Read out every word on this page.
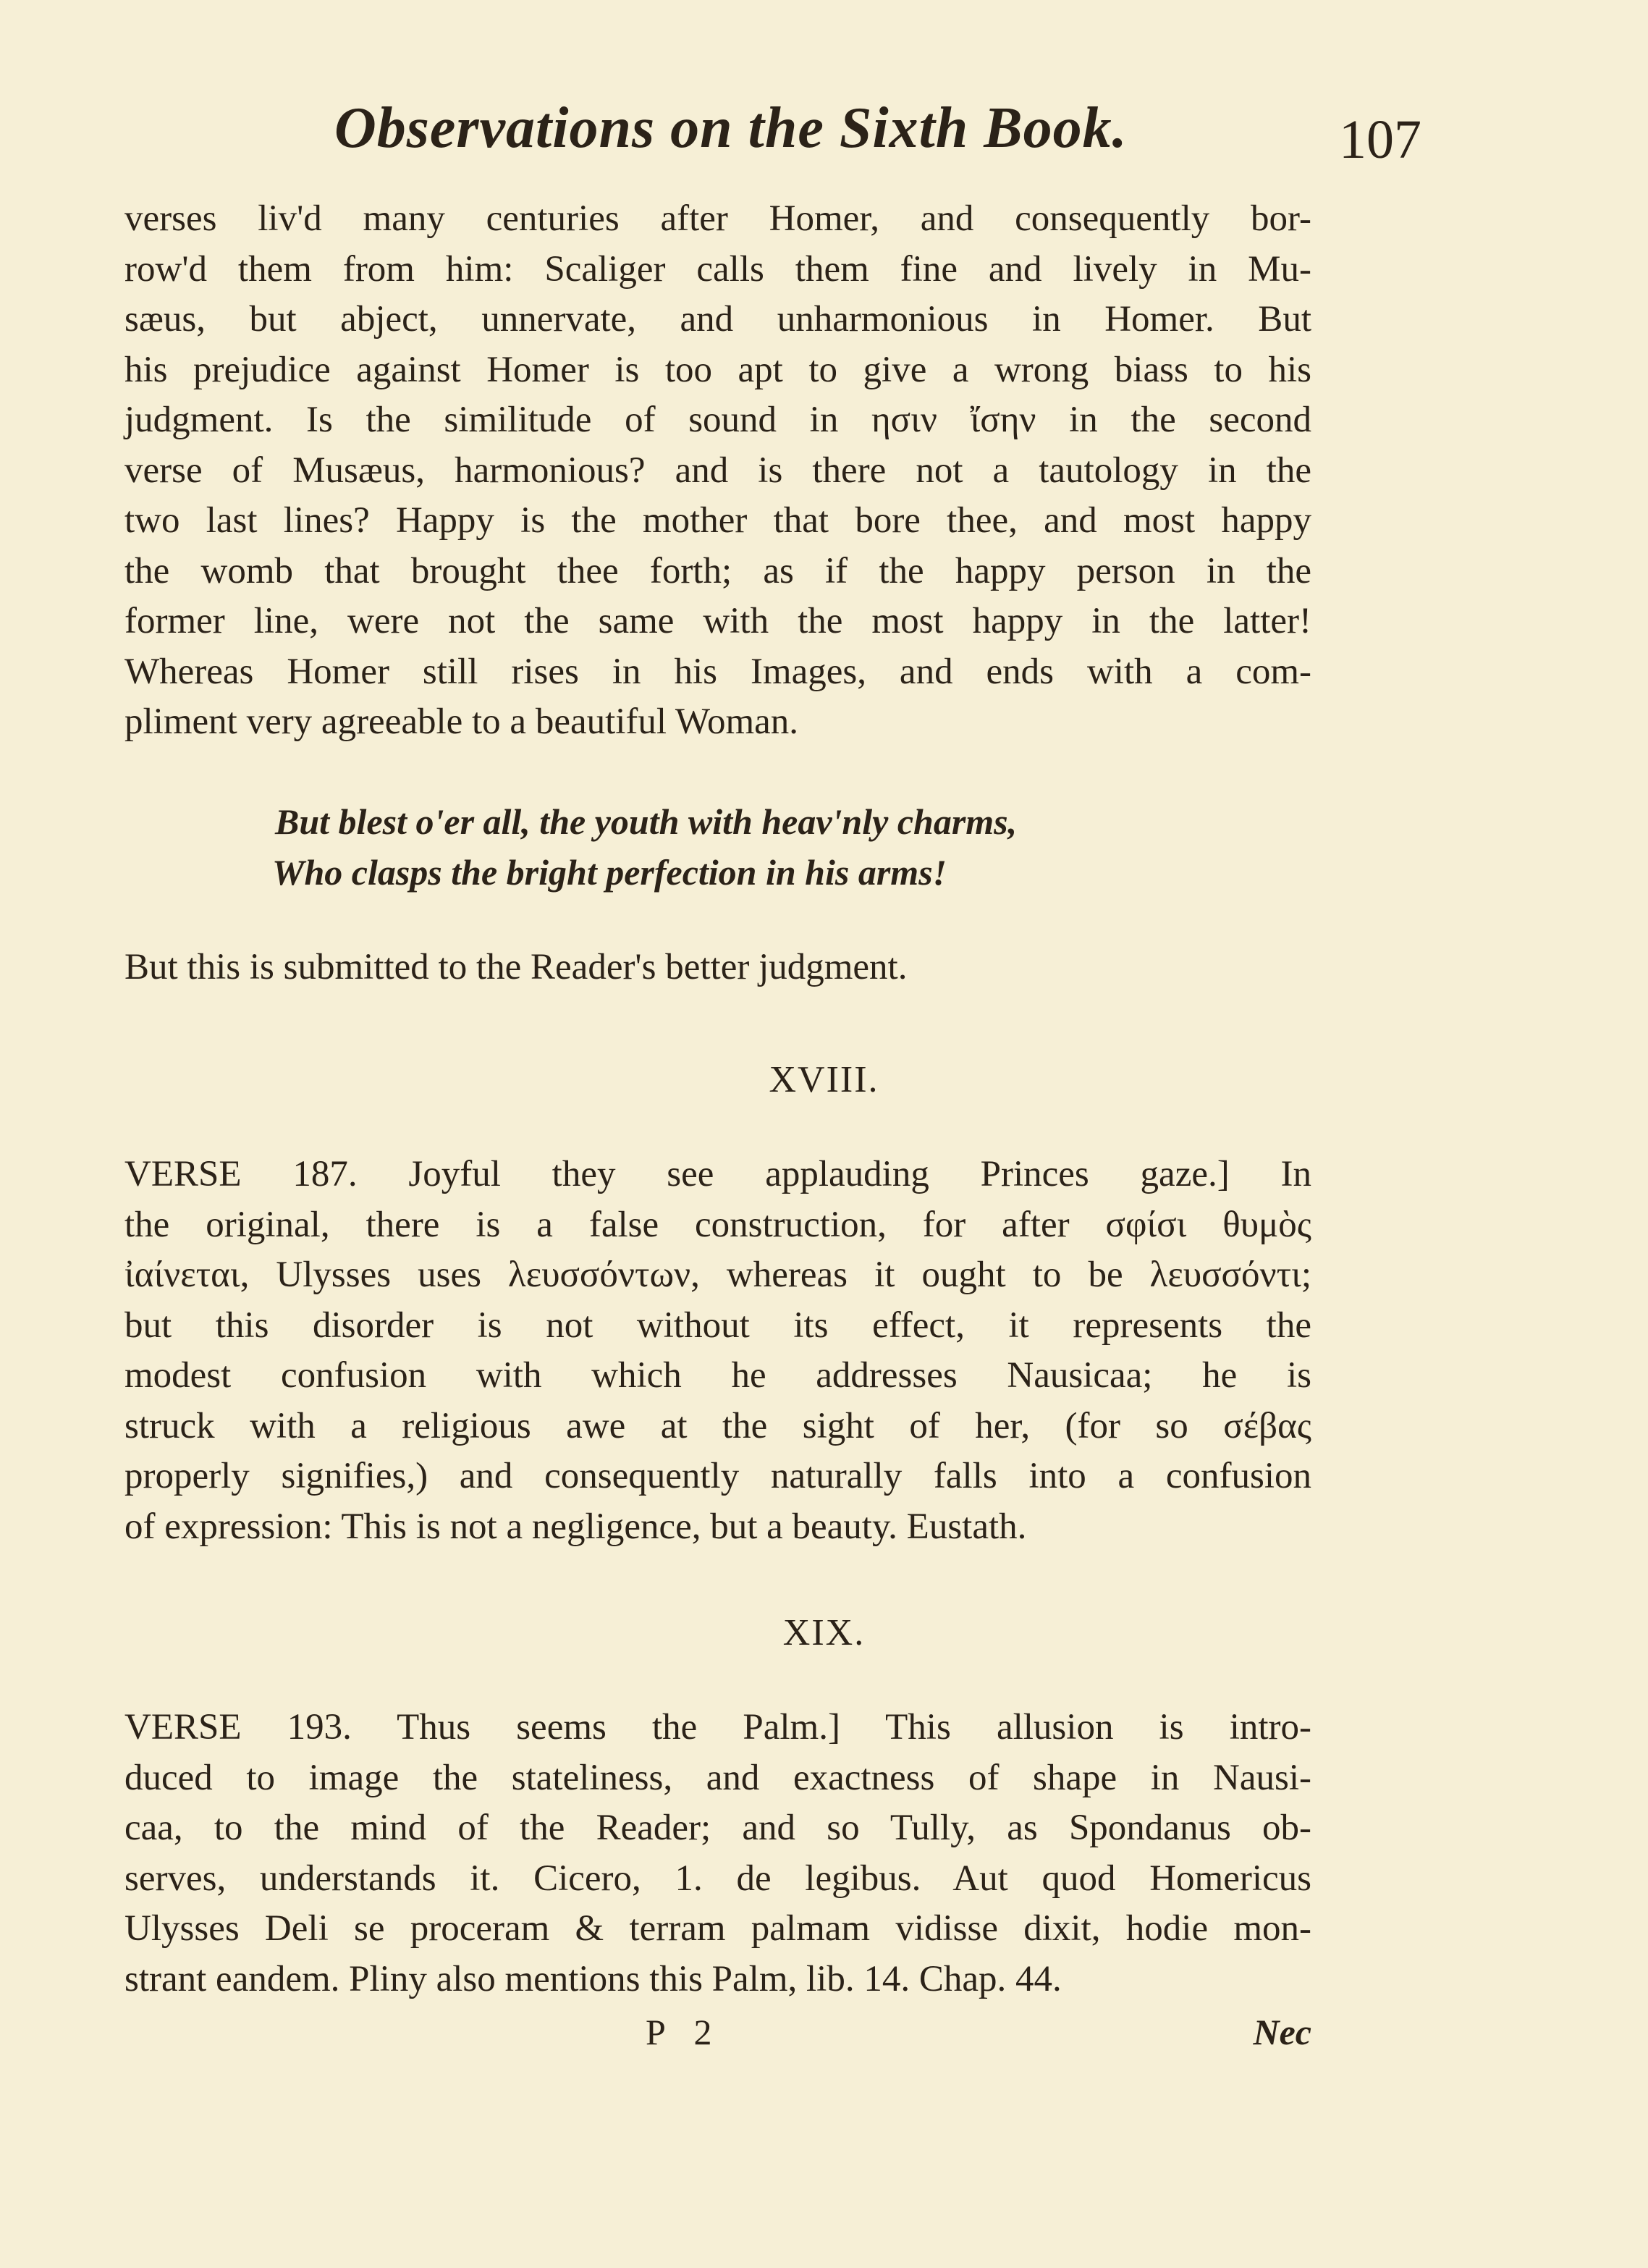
Observations on the Sixth Book.	107

verses liv'd many centuries after Homer, and consequently bor-

row'd them from him: Scaliger calls them fine and lively in Mu-

sæus, but abject, unnervate, and unharmonious in Homer. But

his prejudice against Homer is too apt to give a wrong biass to his

judgment. Is the similitude of sound in ησιν ἴσην in the second

verse of Musæus, harmonious? and is there not a tautology in the

two last lines? Happy is the mother that bore thee, and most happy

the womb that brought thee forth; as if the happy person in the

former line, were not the same with the most happy in the latter!

Whereas Homer still rises in his Images, and ends with a com-

pliment very agreeable to a beautiful Woman.

But blest o'er all, the youth with heav'nly charms,
Who clasps the bright perfection in his arms!

But this is submitted to the Reader's better judgment.

XVIII.

VERSE 187. Joyful they see applauding Princes gaze.] In

the original, there is a false construction, for after σφίσι θυμὸς

ἰαίνεται, Ulysses uses λευσσόντων, whereas it ought to be λευσσόντι;

but this disorder is not without its effect, it represents the

modest confusion with which he addresses Nausicaa; he is

struck with a religious awe at the sight of her, (for so σέβας

properly signifies,) and consequently naturally falls into a confusion

of expression: This is not a negligence, but a beauty. Eustath.

XIX.

VERSE 193. Thus seems the Palm.] This allusion is intro-

duced to image the stateliness, and exactness of shape in Nausi-

caa, to the mind of the Reader; and so Tully, as Spondanus ob-

serves, understands it. Cicero, 1. de legibus. Aut quod Homericus

Ulysses Deli se proceram & terram palmam vidisse dixit, hodie mon-

strant eandem. Pliny also mentions this Palm, lib. 14. Chap. 44.

P 2	Nec
